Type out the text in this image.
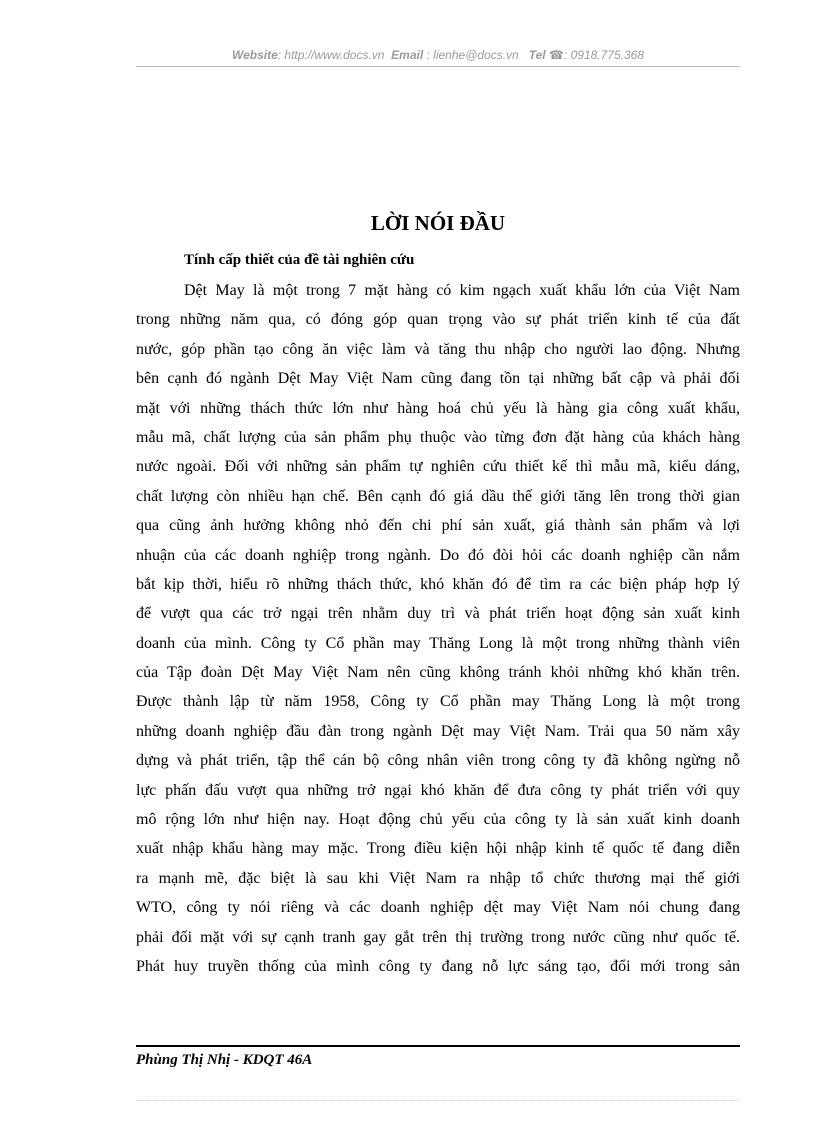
Website: http://www.docs.vn Email : lienhe@docs.vn Tel ☎: 0918.775.368
LỜI NÓI ĐẦU
Tính cấp thiết của đề tài nghiên cứu
Dệt May là một trong 7 mặt hàng có kim ngạch xuất khẩu lớn của Việt Nam
trong những năm qua, có đóng góp quan trọng vào sự phát triển kinh tế của đất
nước, góp phần tạo công ăn việc làm và tăng thu nhập cho người lao động. Nhưng
bên cạnh đó ngành Dệt May Việt Nam cũng đang tồn tại những bất cập và phải đối
mặt với những thách thức lớn như hàng hoá chủ yếu là hàng gia công xuất khẩu,
mẫu mã, chất lượng của sản phẩm phụ thuộc vào từng đơn đặt hàng của khách hàng
nước ngoài. Đối với những sản phẩm tự nghiên cứu thiết kế thì mẫu mã, kiểu dáng,
chất lượng còn nhiều hạn chế. Bên cạnh đó giá dầu thế giới tăng lên trong thời gian
qua cũng ảnh hưởng không nhỏ đến chi phí sản xuất, giá thành sản phẩm và lợi
nhuận của các doanh nghiệp trong ngành. Do đó đòi hỏi các doanh nghiệp cần nắm
bắt kịp thời, hiểu rõ những thách thức, khó khăn đó để tìm ra các biện pháp hợp lý
để vượt qua các trở ngại trên nhằm duy trì và phát triển hoạt động sản xuất kinh
doanh của mình. Công ty Cổ phần may Thăng Long là một trong những thành viên
của Tập đoàn Dệt May Việt Nam nên cũng không tránh khỏi những khó khăn trên.
Được thành lập từ năm 1958, Công ty Cổ phần may Thăng Long là một trong
những doanh nghiệp đầu đàn trong ngành Dệt may Việt Nam. Trải qua 50 năm xây
dựng và phát triển, tập thể cán bộ công nhân viên trong công ty đã không ngừng nỗ
lực phấn đấu vượt qua những trở ngại khó khăn để đưa công ty phát triển với quy
mô rộng lớn như hiện nay. Hoạt động chủ yếu của công ty là sản xuất kinh doanh
xuất nhập khẩu hàng may mặc. Trong điều kiện hội nhập kinh tế quốc tế đang diễn
ra mạnh mẽ, đặc biệt là sau khi Việt Nam ra nhập tổ chức thương mại thế giới
WTO, công ty nói riêng và các doanh nghiệp dệt may Việt Nam nói chung đang
phải đối mặt với sự cạnh tranh gay gắt trên thị trường trong nước cũng như quốc tế.
Phát huy truyền thống của mình công ty đang nỗ lực sáng tạo, đổi mới trong sản
Phùng Thị Nhị - KDQT 46A
